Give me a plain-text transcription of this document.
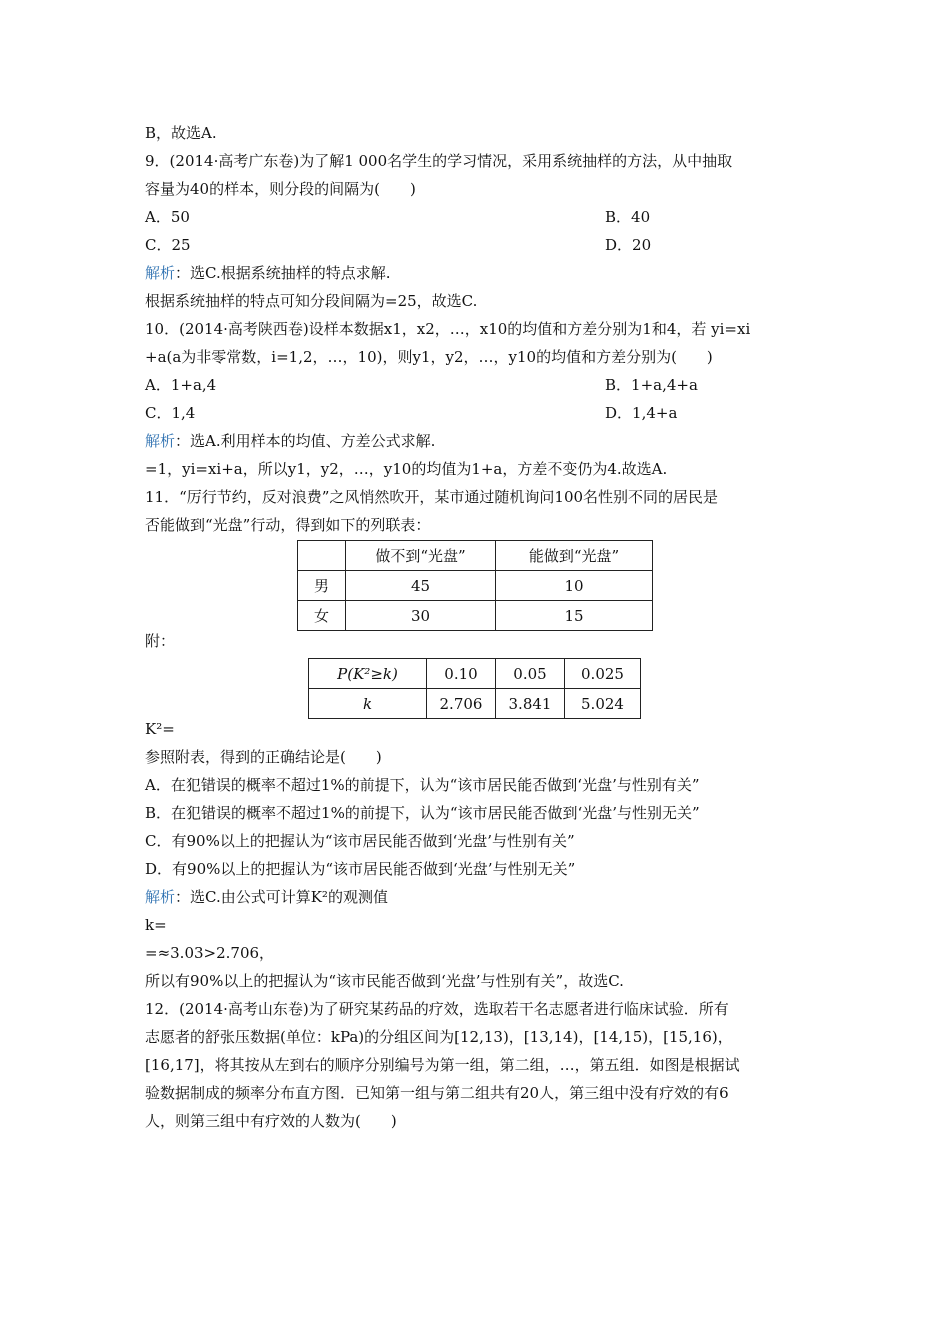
B，故选A.
9．(2014·高考广东卷)为了解1 000名学生的学习情况，采用系统抽样的方法，从中抽取
容量为40的样本，则分段的间隔为(　　)
A．50	B．40
C．25	D．20
解析：选C.根据系统抽样的特点求解.
根据系统抽样的特点可知分段间隔为=25，故选C.
10．(2014·高考陕西卷)设样本数据x1，x2，…，x10的均值和方差分别为1和4，若 yi=xi
+a(a为非零常数，i=1,2，…，10)，则y1，y2，…，y10的均值和方差分别为(　　)
A．1+a,4	B．1+a,4+a
C．1,4	D．1,4+a
解析：选A.利用样本的均值、方差公式求解.
=1，yi=xi+a，所以y1，y2，…，y10的均值为1+a，方差不变仍为4.故选A.
11．“厉行节约，反对浪费”之风悄然吹开，某市通过随机询问100名性别不同的居民是
否能做到“光盘”行动，得到如下的列联表：
	做不到“光盘”	能做到“光盘”
男	45	10
女	30	15
附：
P(K²≥k)	0.10	0.05	0.025
k	2.706	3.841	5.024
K²=
参照附表，得到的正确结论是(　　)
A．在犯错误的概率不超过1%的前提下，认为“该市居民能否做到‘光盘’与性别有关”
B．在犯错误的概率不超过1%的前提下，认为“该市居民能否做到‘光盘’与性别无关”
C．有90%以上的把握认为“该市居民能否做到‘光盘’与性别有关”
D．有90%以上的把握认为“该市居民能否做到‘光盘’与性别无关”
解析：选C.由公式可计算K²的观测值
k=
=≈3.03>2.706，
所以有90%以上的把握认为“该市民能否做到‘光盘’与性别有关”，故选C.
12．(2014·高考山东卷)为了研究某药品的疗效，选取若干名志愿者进行临床试验．所有
志愿者的舒张压数据(单位：kPa)的分组区间为[12,13)，[13,14)，[14,15)，[15,16)，
[16,17]，将其按从左到右的顺序分别编号为第一组，第二组，…，第五组．如图是根据试
验数据制成的频率分布直方图．已知第一组与第二组共有20人，第三组中没有疗效的有6
人，则第三组中有疗效的人数为(　　)
